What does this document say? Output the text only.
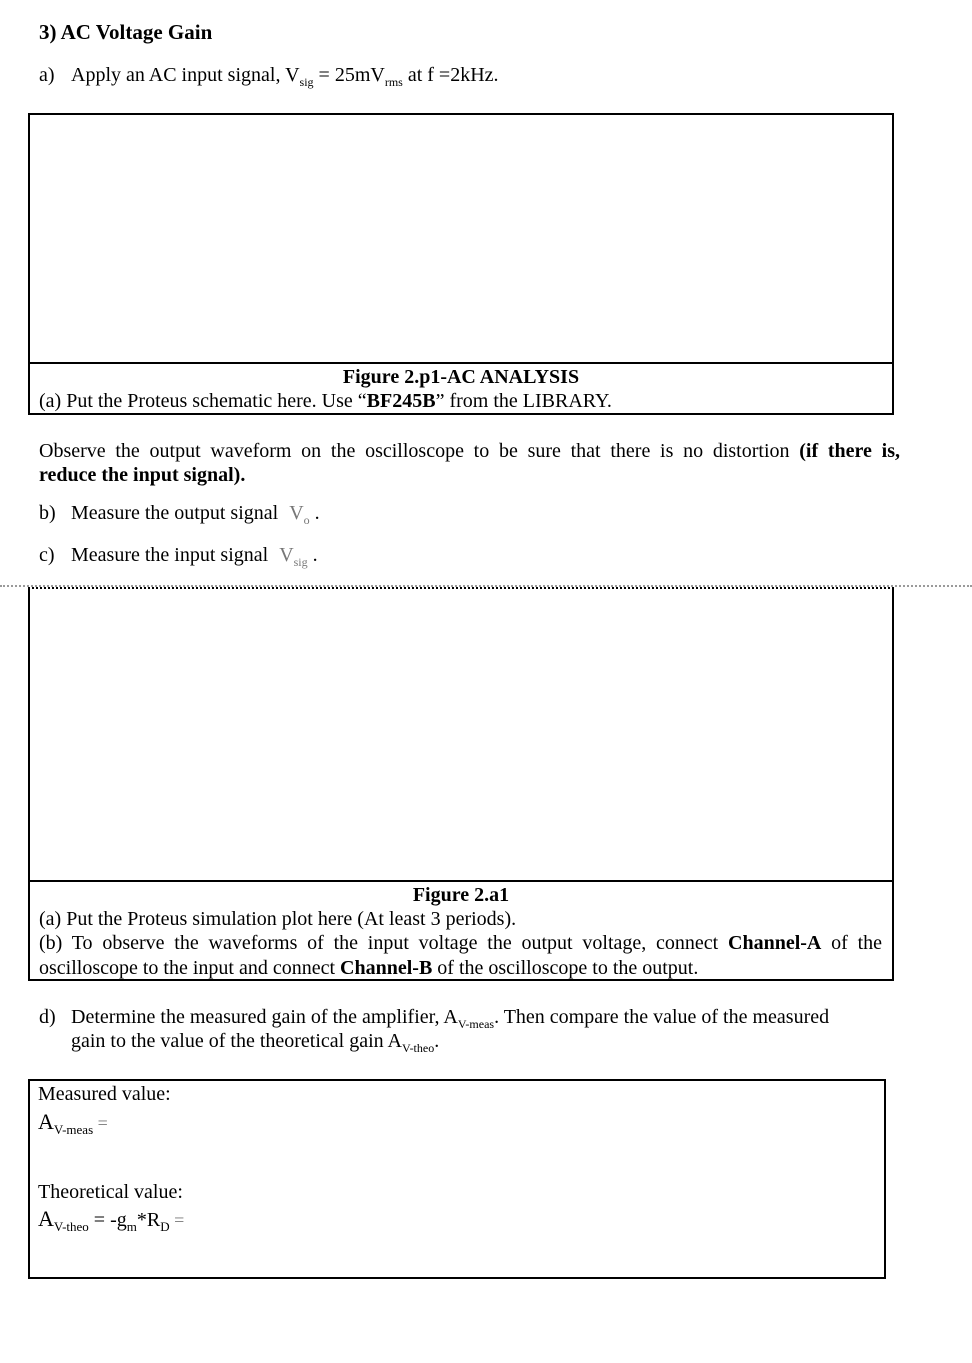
3) AC Voltage Gain
a) Apply an AC input signal, $V_{sig} = 25mV_{rms}$ at f =2kHz.
Figure 2.p1-AC ANALYSIS
(a) Put the Proteus schematic here. Use “BF245B” from the LIBRARY.
Observe the output waveform on the oscilloscope to be sure that there is no distortion (if there is,
reduce the input signal).
b) Measure the output signal $V_o$ .
c) Measure the input signal $V_{sig}$ .
Figure 2.a1
(a) Put the Proteus simulation plot here (At least 3 periods).
(b) To observe the waveforms of the input voltage the output voltage, connect Channel-A of the
oscilloscope to the input and connect Channel-B of the oscilloscope to the output.
d) Determine the measured gain of the amplifier, $A_{V-meas}$. Then compare the value of the measured
gain to the value of the theoretical gain $A_{V-theo}$.
Measured value:
$A_{V-meas}$ =
Theoretical value:
$A_{V-theo} = -g_m*R_D$ =
